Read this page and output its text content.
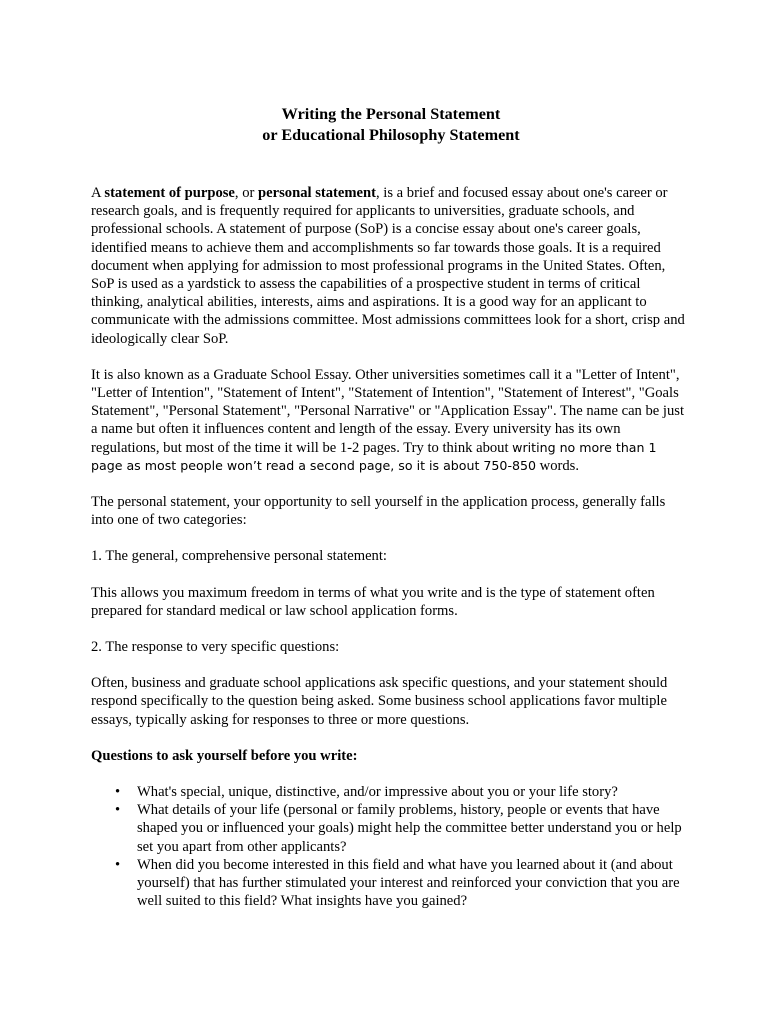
Writing the Personal Statement
or Educational Philosophy Statement

A statement of purpose, or personal statement, is a brief and focused essay about one's career or research goals, and is frequently required for applicants to universities, graduate schools, and professional schools. A statement of purpose (SoP) is a concise essay about one's career goals, identified means to achieve them and accomplishments so far towards those goals. It is a required document when applying for admission to most professional programs in the United States. Often, SoP is used as a yardstick to assess the capabilities of a prospective student in terms of critical thinking, analytical abilities, interests, aims and aspirations. It is a good way for an applicant to communicate with the admissions committee. Most admissions committees look for a short, crisp and ideologically clear SoP.

It is also known as a Graduate School Essay. Other universities sometimes call it a "Letter of Intent", "Letter of Intention", "Statement of Intent", "Statement of Intention", "Statement of Interest", "Goals Statement", "Personal Statement", "Personal Narrative" or "Application Essay". The name can be just a name but often it influences content and length of the essay. Every university has its own regulations, but most of the time it will be 1-2 pages. Try to think about writing no more than 1 page as most people won’t read a second page, so it is about 750-850 words.

The personal statement, your opportunity to sell yourself in the application process, generally falls into one of two categories:

1. The general, comprehensive personal statement:

This allows you maximum freedom in terms of what you write and is the type of statement often prepared for standard medical or law school application forms.

2. The response to very specific questions:

Often, business and graduate school applications ask specific questions, and your statement should respond specifically to the question being asked. Some business school applications favor multiple essays, typically asking for responses to three or more questions.

Questions to ask yourself before you write:

• What's special, unique, distinctive, and/or impressive about you or your life story?
• What details of your life (personal or family problems, history, people or events that have shaped you or influenced your goals) might help the committee better understand you or help set you apart from other applicants?
• When did you become interested in this field and what have you learned about it (and about yourself) that has further stimulated your interest and reinforced your conviction that you are well suited to this field? What insights have you gained?
